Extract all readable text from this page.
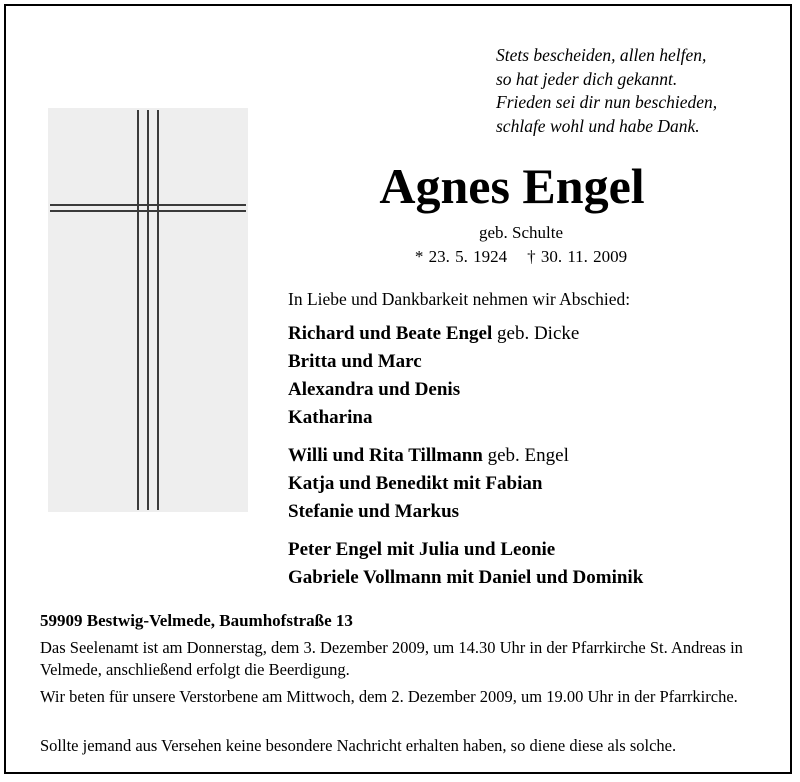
Stets bescheiden, allen helfen,
so hat jeder dich gekannt.
Frieden sei dir nun beschieden,
schlafe wohl und habe Dank.
Agnes Engel
geb. Schulte
* 23. 5. 1924 † 30. 11. 2009
In Liebe und Dankbarkeit nehmen wir Abschied:
Richard und Beate Engel geb. Dicke
Britta und Marc
Alexandra und Denis
Katharina
Willi und Rita Tillmann geb. Engel
Katja und Benedikt mit Fabian
Stefanie und Markus
Peter Engel mit Julia und Leonie
Gabriele Vollmann mit Daniel und Dominik
59909 Bestwig-Velmede, Baumhofstraße 13
Das Seelenamt ist am Donnerstag, dem 3. Dezember 2009, um 14.30 Uhr in der Pfarrkirche St. Andreas in Velmede, anschließend erfolgt die Beerdigung.
Wir beten für unsere Verstorbene am Mittwoch, dem 2. Dezember 2009, um 19.00 Uhr in der Pfarrkirche.
Sollte jemand aus Versehen keine besondere Nachricht erhalten haben, so diene diese als solche.
